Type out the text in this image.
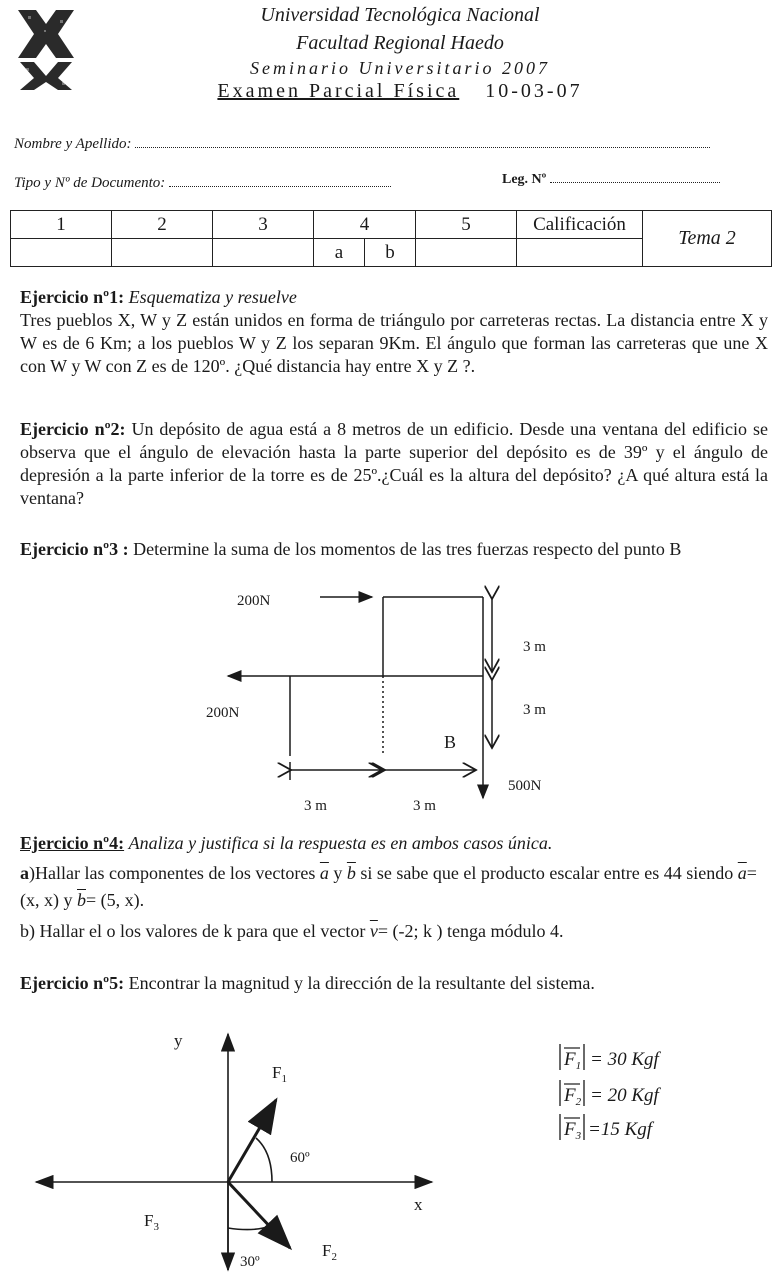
Universidad Tecnológica Nacional
Facultad Regional Haedo
Seminario Universitario 2007
Examen Parcial Física 10-03-07
Nombre y Apellido:
Tipo y Nº de Documento:	Leg. Nº
1	2	3	4		5	Calificación	Tema 2
			a	b			
Ejercicio nº1: Esquematiza y resuelve
Tres pueblos X, W y Z están unidos en forma de triángulo por carreteras rectas. La distancia entre X y W es de 6 Km; a los pueblos W y Z los separan 9Km. El ángulo que forman las carreteras que une X con W y W con Z es de 120º. ¿Qué distancia hay entre X y Z ?.
Ejercicio nº2: Un depósito de agua está a 8 metros de un edificio. Desde una ventana del edificio se observa que el ángulo de elevación hasta la parte superior del depósito es de 39º y el ángulo de depresión a la parte inferior de la torre es de 25º.¿Cuál es la altura del depósito? ¿A qué altura está la ventana?
Ejercicio nº3 : Determine la suma de los momentos de las tres fuerzas respecto del punto B
200N
200N
500N
3 m
3 m
3 m	3 m
B
Ejercicio nº4: Analiza y justifica si la respuesta es en ambos casos única.
a)Hallar las componentes de los vectores $\overline{a}$ y $\overline{b}$ si se sabe que el producto escalar entre es 44 siendo $\overline{a}= (x$, x) y $\overline{b}= (5$, x).
b) Hallar el o los valores de k para que el vector $\overline{v}= (-2$; k ) tenga módulo 4.
Ejercicio nº5: Encontrar la magnitud y la dirección de la resultante del sistema.
y
x
$F_1$
$F_2$
$F_3$
60º
30º
$F_1 = 30$ Kgf
$F_2 = 20$ Kgf
$F_3 =15$ Kgf
